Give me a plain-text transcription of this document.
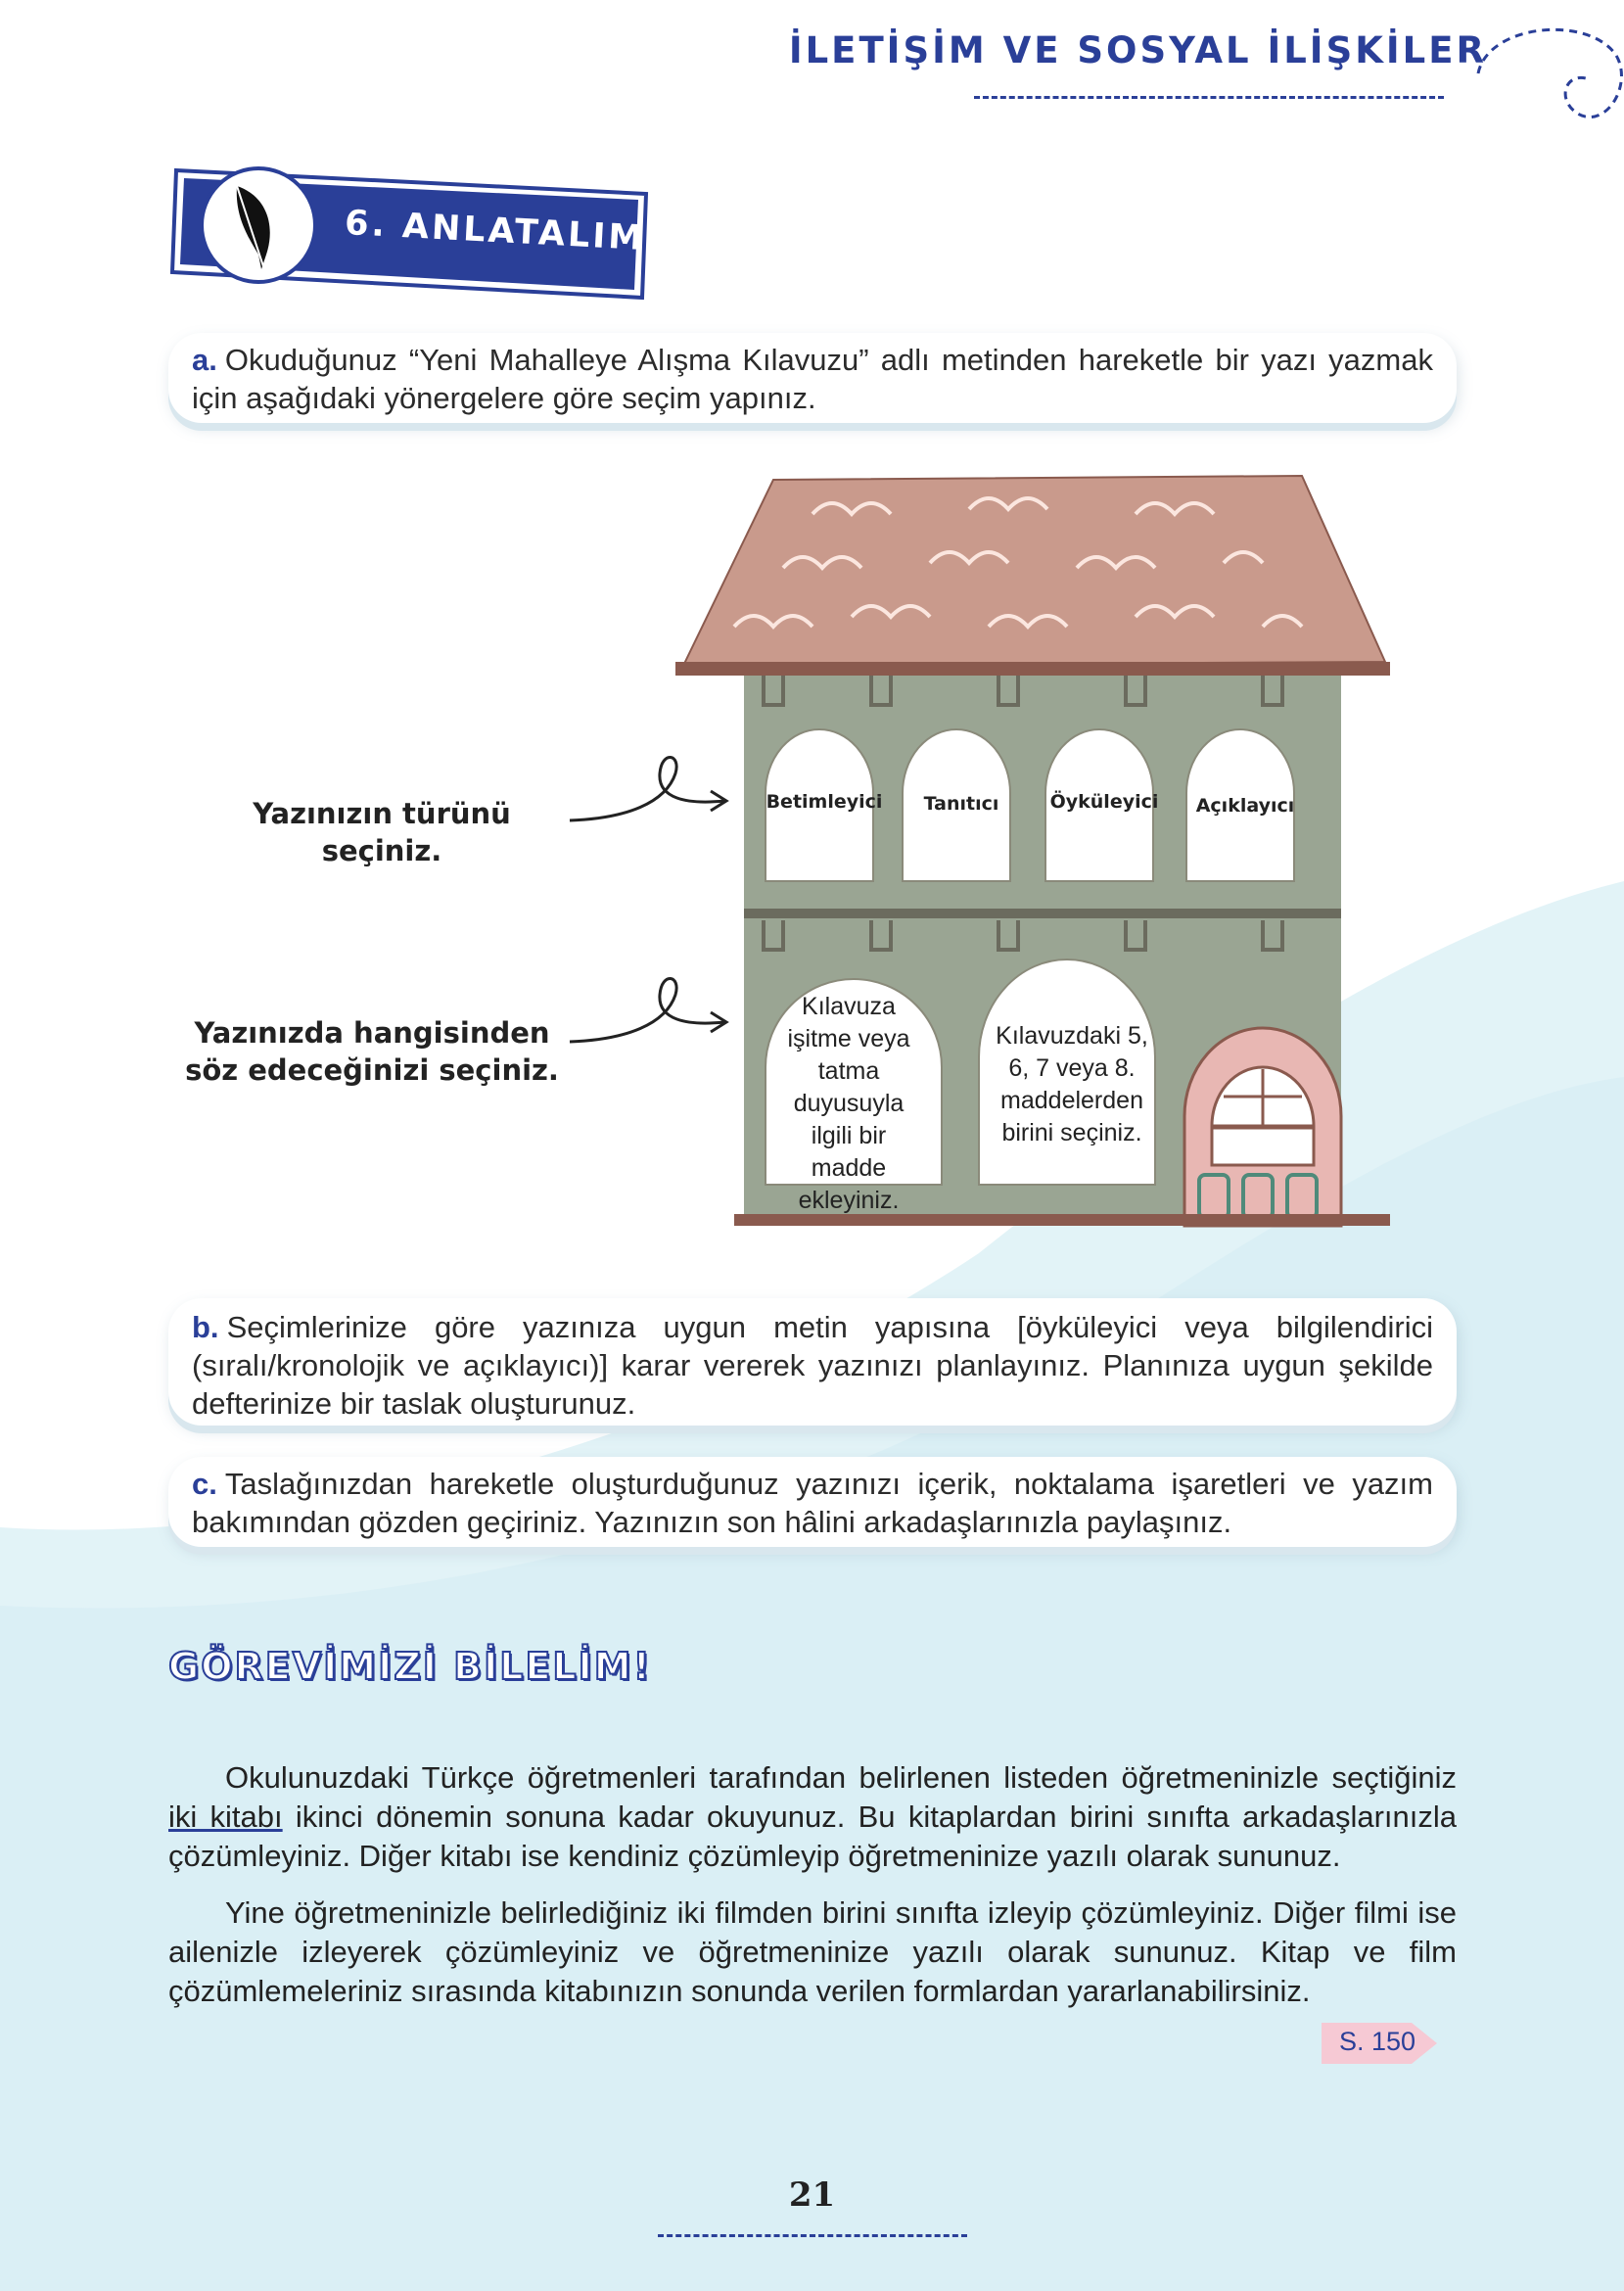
İLETİŞİM VE SOSYAL İLİŞKİLER
6. ANLATALIM
a. Okuduğunuz “Yeni Mahalleye Alışma Kılavuzu” adlı metinden hareketle bir yazı yazmak için aşağıdaki yönergelere göre seçim yapınız.
Yazınızın türünü seçiniz.
Yazınızda hangisinden söz edeceğinizi seçiniz.
Betimleyici	Tanıtıcı	Öyküleyici	Açıklayıcı
Kılavuza işitme veya tatma duyusuyla ilgili bir madde ekleyiniz.
Kılavuzdaki 5, 6, 7 veya 8. maddelerden birini seçiniz.
b. Seçimlerinize göre yazınıza uygun metin yapısına [öyküleyici veya bilgilendirici (sıralı/kronolojik ve açıklayıcı)] karar vererek yazınızı planlayınız. Planınıza uygun şekilde defterinize bir taslak oluşturunuz.
c. Taslağınızdan hareketle oluşturduğunuz yazınızı içerik, noktalama işaretleri ve yazım bakımından gözden geçiriniz. Yazınızın son hâlini arkadaşlarınızla paylaşınız.
GÖREVİMİZİ BİLELİM!
Okulunuzdaki Türkçe öğretmenleri tarafından belirlenen listeden öğretmeninizle seçtiğiniz iki kitabı ikinci dönemin sonuna kadar okuyunuz. Bu kitaplardan birini sınıfta arkadaşlarınızla çözümleyiniz. Diğer kitabı ise kendiniz çözümleyip öğretmeninize yazılı olarak sununuz.
Yine öğretmeninizle belirlediğiniz iki filmden birini sınıfta izleyip çözümleyiniz. Diğer filmi ise ailenizle izleyerek çözümleyiniz ve öğretmeninize yazılı olarak sununuz. Kitap ve film çözümlemeleriniz sırasında kitabınızın sonunda verilen formlardan yararlanabilirsiniz.
S. 150
21
